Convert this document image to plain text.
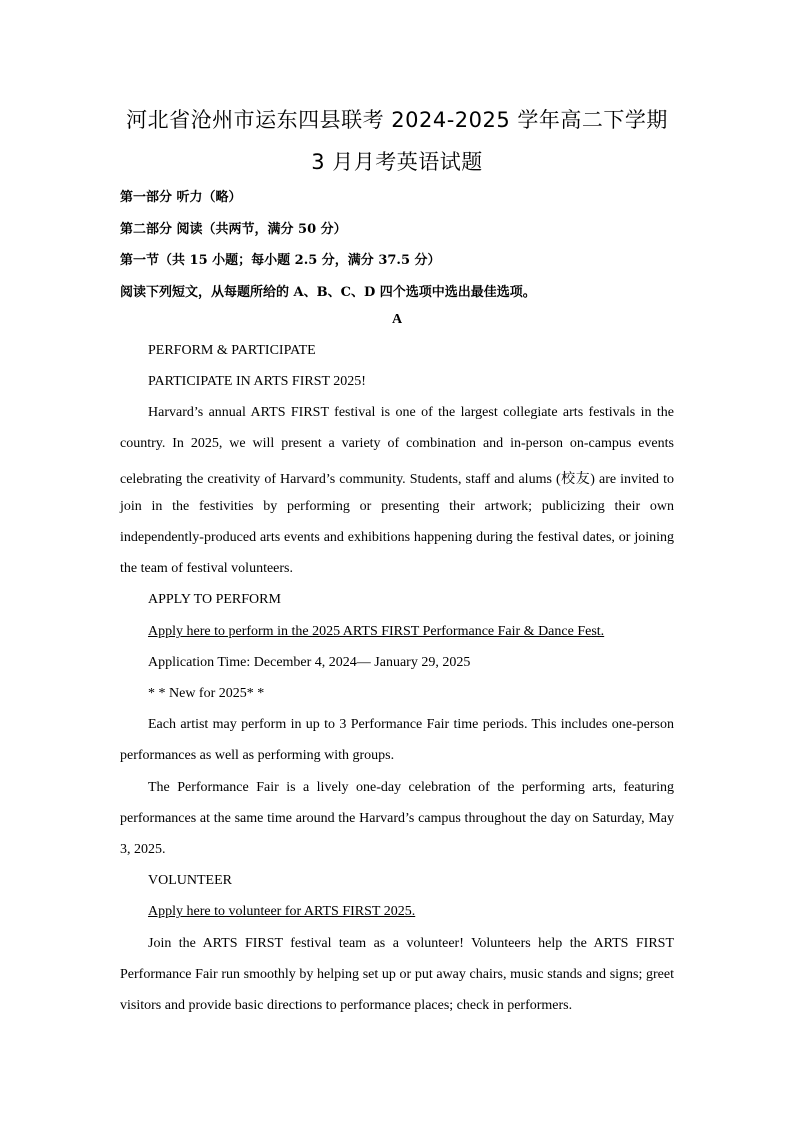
河北省沧州市运东四县联考 2024-2025 学年高二下学期
3 月月考英语试题
第一部分 听力（略）
第二部分 阅读（共两节，满分 50 分）
第一节（共 15 小题；每小题 2.5 分，满分 37.5 分）
阅读下列短文，从每题所给的 A、B、C、D 四个选项中选出最佳选项。
A
PERFORM & PARTICIPATE
PARTICIPATE IN ARTS FIRST 2025!
Harvard’s annual ARTS FIRST festival is one of the largest collegiate arts festivals in the
country. In 2025, we will present a variety of combination and in-person on-campus events
celebrating the creativity of Harvard’s community. Students, staff and alums (校友) are invited to
join in the festivities by performing or presenting their artwork; publicizing their own
independently-produced arts events and exhibitions happening during the festival dates, or joining
the team of festival volunteers.
APPLY TO PERFORM
Apply here to perform in the 2025 ARTS FIRST Performance Fair & Dance Fest.
Application Time: December 4, 2024— January 29, 2025
* * New for 2025* *
Each artist may perform in up to 3 Performance Fair time periods. This includes one-person
performances as well as performing with groups.
The Performance Fair is a lively one-day celebration of the performing arts, featuring
performances at the same time around the Harvard’s campus throughout the day on Saturday, May
3, 2025.
VOLUNTEER
Apply here to volunteer for ARTS FIRST 2025.
Join the ARTS FIRST festival team as a volunteer! Volunteers help the ARTS FIRST
Performance Fair run smoothly by helping set up or put away chairs, music stands and signs; greet
visitors and provide basic directions to performance places; check in performers.
